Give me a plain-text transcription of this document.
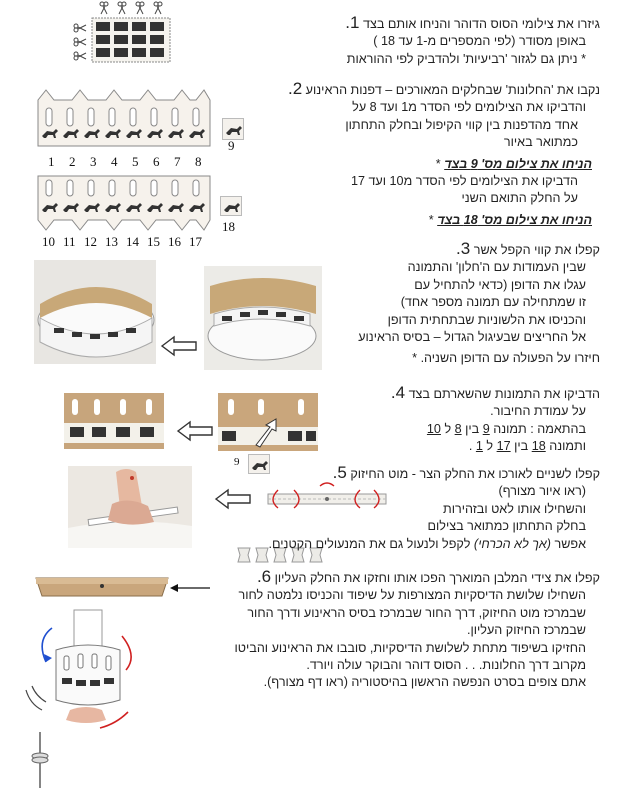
גיזרו את צילומי הסוס הדוהר והניחו אותם בצד 1.
באופן מסודר (לפי המספרים מ-1 עד 18 )
* ניתן גם לגזור 'רביעיות' ולהדביק לפי ההוראות
1 2 3 4 5 6 7 8
9
10 11 12 13 14 15 16 17
18
נקבו את 'החלונות' שבחלקים המאורכים – דפנות הראינוע 2.
והדביקו את הצילומים לפי הסדר מ1 ועד 8 על
אחד מהדפנות בין קווי הקיפול ובחלק התחתון
כמתואר באיור
הניחו את צילום מס' 9 בצד *
הדביקו את הצילומים לפי הסדר מ10 ועד 17
על החלק התואם השני
הניחו את צילום מס' 18 בצד *
קפלו את קווי הקפל אשר 3.
שבין העמודות עם ה'חלון' והתמונה
עגלו את הדופן (כדאי להתחיל עם
זו שמתחילה עם תמונה מספר אחד)
והכניסו את הלשוניות שבתחתית הדופן
אל החריצים שבעיגול הגדול – בסיס הראינוע
חיזרו על הפעולה עם הדופן השניה. *
9
הדביקו את התמונות שהשארתם בצד 4.
על עמודת החיבור.
בהתאמה : תמונה 9 בין 8 ל 10
ותמונה 18 בין 17 ל 1 .
קפלו לשניים לאורכו את החלק הצר - מוט החיזוק 5.
(ראו איור מצורף)
והשחילו אותו לאט ובזהירות
בחלק התחתון כמתואר בצילום
אפשר (אך לא הכרחי) לקפל ולנעול גם את המנעולים הקטנים.
קפלו את צידי המלבן המוארך הפכו אותו וחזקו את החלק העליון 6.
השחילו שלושת הדיסקיות המצורפות על שיפוד והכניסו נלמטה לחור
שבמרכז מוט החיזוק, דרך החור שבמרכז בסיס הראינוע ודרך החור
שבמרכז החיזוק העליון.
החזיקו בשיפוד מתחת לשלושת הדיסקיות, סובבו את הראינוע והביטו
מקרוב דרך החלונות. . . הסוס דוהר והבוקר עולה ויורד.
אתם צופים בסרט הנפשה הראשון בהיסטוריה (ראו דף מצורף).
